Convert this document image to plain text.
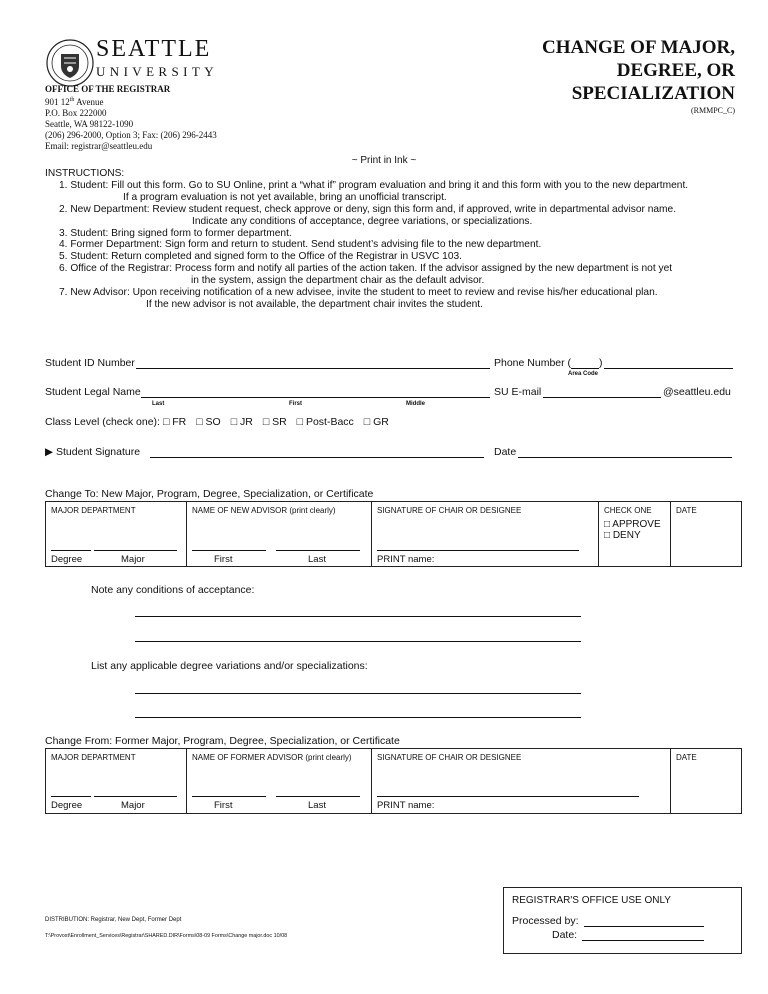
SEATTLE
UNIVERSITY
OFFICE OF THE REGISTRAR
901 12th Avenue
P.O. Box 222000
Seattle, WA 98122-1090
(206) 296-2000, Option 3; Fax: (206) 296-2443
Email: registrar@seattleu.edu
CHANGE OF MAJOR,
DEGREE, OR
SPECIALIZATION
(RMMPC_C)
~ Print in Ink ~
INSTRUCTIONS:
1. Student: Fill out this form. Go to SU Online, print a “what if” program evaluation and bring it and this form with you to the new department.
If a program evaluation is not yet available, bring an unofficial transcript.
2. New Department: Review student request, check approve or deny, sign this form and, if approved, write in departmental advisor name.
Indicate any conditions of acceptance, degree variations, or specializations.
3. Student: Bring signed form to former department.
4. Former Department: Sign form and return to student. Send student’s advising file to the new department.
5. Student: Return completed and signed form to the Office of the Registrar in USVC 103.
6. Office of the Registrar: Process form and notify all parties of the action taken. If the advisor assigned by the new department is not yet
in the system, assign the department chair as the default advisor.
7. New Advisor: Upon receiving notification of a new advisee, invite the student to meet to review and revise his/her educational plan.
If the new advisor is not available, the department chair invites the student.
Student ID Number	Phone Number (	)
Area Code
Student Legal Name
Last	First	Middle
SU E-mail	@seattleu.edu
Class Level (check one): □ FR □ SO □ JR □ SR □ Post-Bacc □ GR
▶ Student Signature	Date
Change To: New Major, Program, Degree, Specialization, or Certificate
MAJOR DEPARTMENT
Degree	Major

NAME OF NEW ADVISOR (print clearly)
First	Last

SIGNATURE OF CHAIR OR DESIGNEE
PRINT name:

CHECK ONE
□ APPROVE
□ DENY

DATE
Note any conditions of acceptance:
List any applicable degree variations and/or specializations:
Change From: Former Major, Program, Degree, Specialization, or Certificate
MAJOR DEPARTMENT
Degree	Major

NAME OF FORMER ADVISOR (print clearly)
First	Last

SIGNATURE OF CHAIR OR DESIGNEE
PRINT name:

DATE
DISTRIBUTION: Registrar, New Dept, Former Dept
T:\Provost\Enrollment_Services\Registrar\SHARED.DIR\Forms\08-09 Forms\Change major.doc 10/08
REGISTRAR'S OFFICE USE ONLY
Processed by:
Date:
